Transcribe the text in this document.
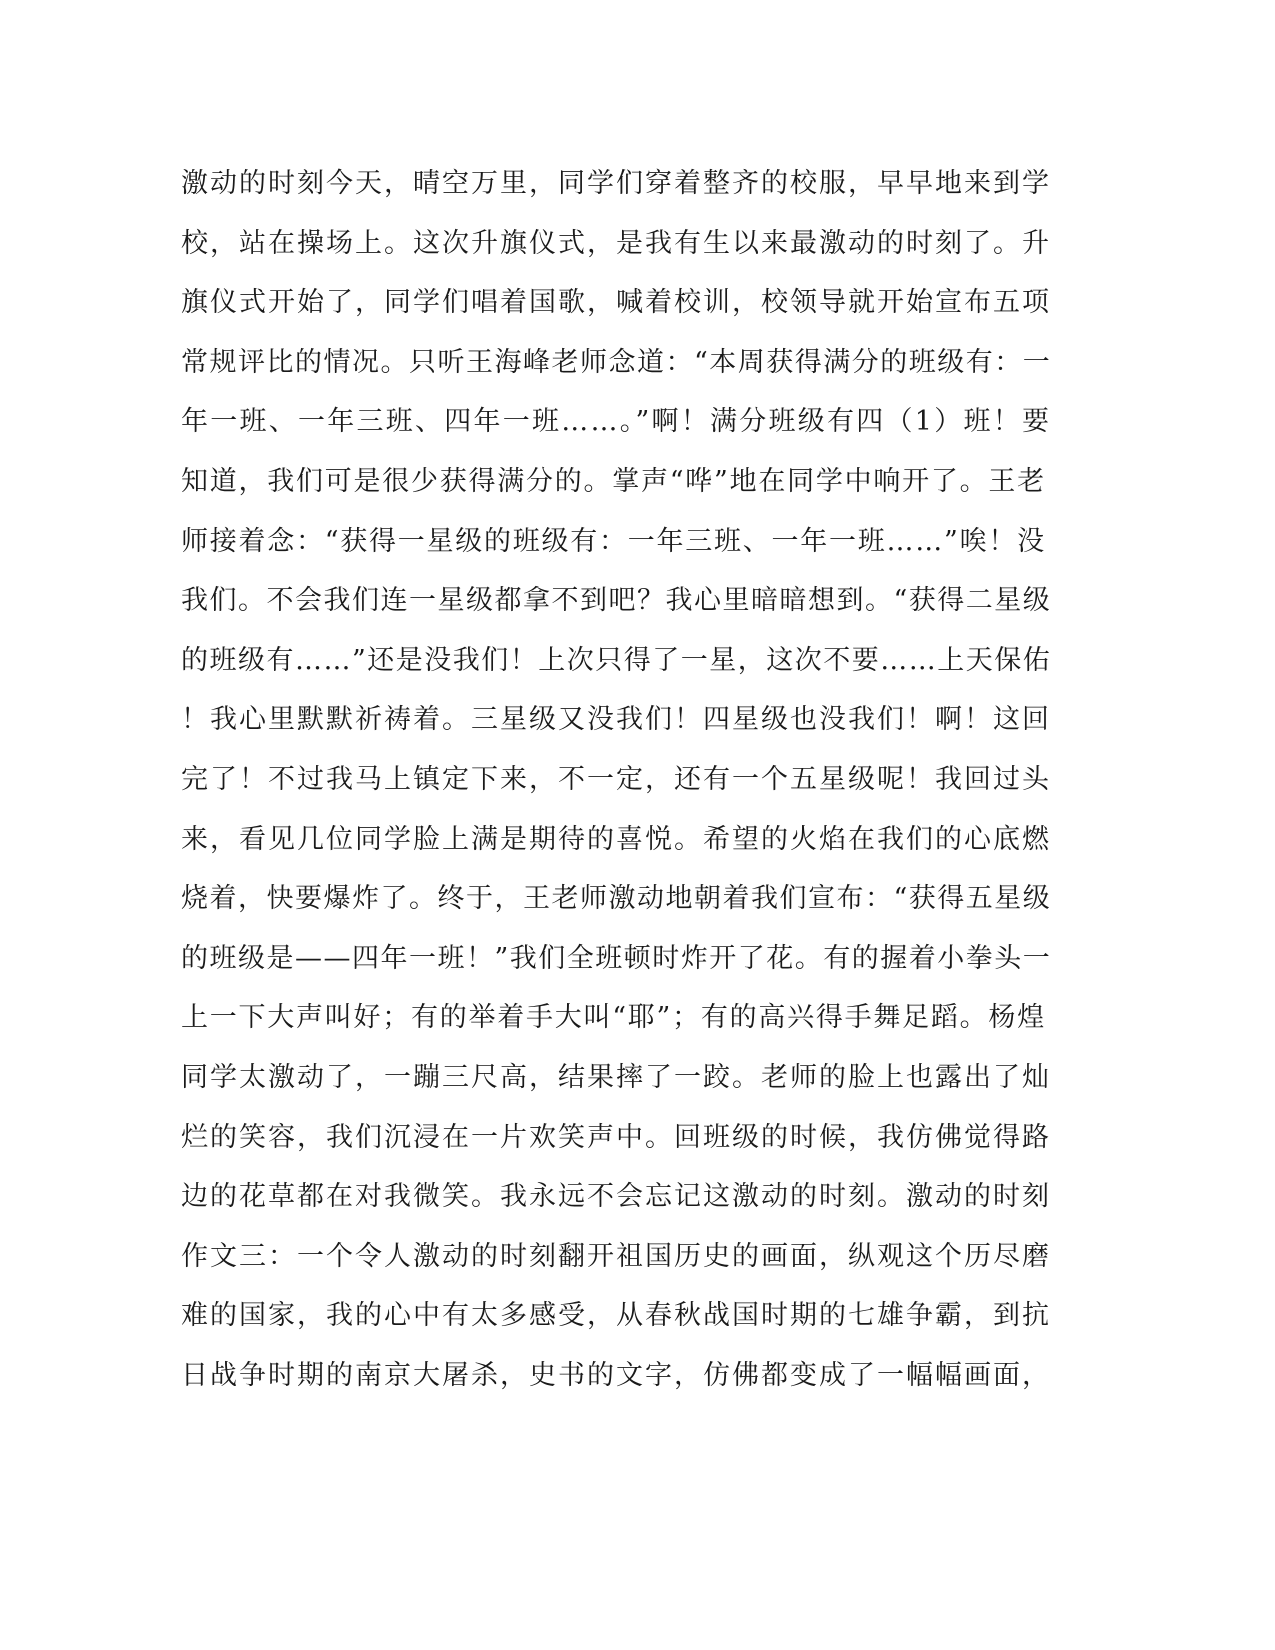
激动的时刻今天，晴空万里，同学们穿着整齐的校服，早早地来到学
校，站在操场上。这次升旗仪式，是我有生以来最激动的时刻了。升
旗仪式开始了，同学们唱着国歌，喊着校训，校领导就开始宣布五项
常规评比的情况。只听王海峰老师念道：“本周获得满分的班级有：一
年一班、一年三班、四年一班……。”啊！满分班级有四（1）班！要
知道，我们可是很少获得满分的。掌声“哗”地在同学中响开了。王老
师接着念：“获得一星级的班级有：一年三班、一年一班……”唉！没
我们。不会我们连一星级都拿不到吧？我心里暗暗想到。“获得二星级
的班级有……”还是没我们！上次只得了一星，这次不要……上天保佑
！我心里默默祈祷着。三星级又没我们！四星级也没我们！啊！这回
完了！不过我马上镇定下来，不一定，还有一个五星级呢！我回过头
来，看见几位同学脸上满是期待的喜悦。希望的火焰在我们的心底燃
烧着，快要爆炸了。终于，王老师激动地朝着我们宣布：“获得五星级
的班级是——四年一班！”我们全班顿时炸开了花。有的握着小拳头一
上一下大声叫好；有的举着手大叫“耶”；有的高兴得手舞足蹈。杨煌
同学太激动了，一蹦三尺高，结果摔了一跤。老师的脸上也露出了灿
烂的笑容，我们沉浸在一片欢笑声中。回班级的时候，我仿佛觉得路
边的花草都在对我微笑。我永远不会忘记这激动的时刻。激动的时刻
作文三：一个令人激动的时刻翻开祖国历史的画面，纵观这个历尽磨
难的国家，我的心中有太多感受，从春秋战国时期的七雄争霸，到抗
日战争时期的南京大屠杀，史书的文字，仿佛都变成了一幅幅画面，
